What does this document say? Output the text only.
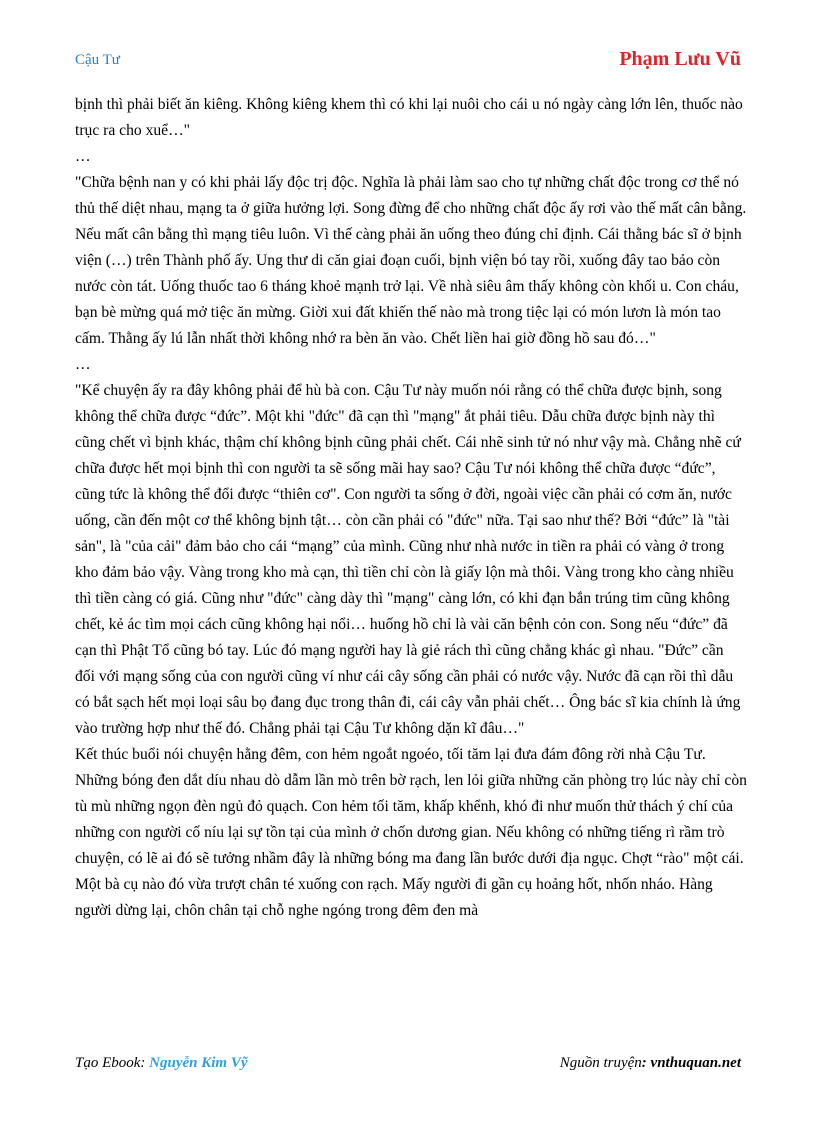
Cậu Tư	Phạm Lưu Vũ

bịnh thì phải biết ăn kiêng. Không kiêng khem thì có khi lại nuôi cho cái u nó ngày càng lớn lên, thuốc nào trục ra cho xuể…"

…

"Chữa bệnh nan y có khi phải lấy độc trị độc. Nghĩa là phải làm sao cho tự những chất độc trong cơ thể nó thủ thế diệt nhau, mạng ta ở giữa hưởng lợi. Song đừng để cho những chất độc ấy rơi vào thế mất cân bằng. Nếu mất cân bằng thì mạng tiêu luôn. Vì thế càng phải ăn uống theo đúng chỉ định. Cái thằng bác sĩ ở bịnh viện (…) trên Thành phố ấy. Ung thư di căn giai đoạn cuối, bịnh viện bó tay rồi, xuống đây tao bảo còn nước còn tát. Uống thuốc tao 6 tháng khoẻ mạnh trở lại. Về nhà siêu âm thấy không còn khối u. Con cháu, bạn bè mừng quá mở tiệc ăn mừng. Giời xui đất khiến thế nào mà trong tiệc lại có món lươn là món tao cấm. Thằng ấy lú lẫn nhất thời không nhớ ra bèn ăn vào. Chết liền hai giờ đồng hồ sau đó…"

…

"Kể chuyện ấy ra đây không phải để hù bà con. Cậu Tư này muốn nói rằng có thể chữa được bịnh, song không thể chữa được “đức”. Một khi "đức" đã cạn thì "mạng" ắt phải tiêu. Dẫu chữa được bịnh này thì cũng chết vì bịnh khác, thậm chí không bịnh cũng phải chết. Cái nhẽ sinh tử nó như vậy mà. Chẳng nhẽ cứ chữa được hết mọi bịnh thì con người ta sẽ sống mãi hay sao? Cậu Tư nói không thể chữa được “đức”, cũng tức là không thể đổi được “thiên cơ". Con người ta sống ở đời, ngoài việc cần phải có cơm ăn, nước uống, cần đến một cơ thể không bịnh tật… còn cần phải có "đức" nữa. Tại sao như thế? Bởi “đức” là "tài sản", là "của cải" đảm bảo cho cái “mạng” của mình. Cũng như nhà nước in tiền ra phải có vàng ở trong kho đảm bảo vậy. Vàng trong kho mà cạn, thì tiền chỉ còn là giấy lộn mà thôi. Vàng trong kho càng nhiều thì tiền càng có giá. Cũng như "đức" càng dày thì "mạng" càng lớn, có khi đạn bắn trúng tim cũng không chết, kẻ ác tìm mọi cách cũng không hại nổi… huống hồ chỉ là vài căn bệnh cỏn con. Song nếu “đức” đã cạn thì Phật Tổ cũng bó tay. Lúc đó mạng người hay là giẻ rách thì cũng chẳng khác gì nhau. "Đức” cần đối với mạng sống của con người cũng ví như cái cây sống cần phải có nước vậy. Nước đã cạn rồi thì dẫu có bắt sạch hết mọi loại sâu bọ đang đục trong thân đi, cái cây vẫn phải chết… Ông bác sĩ kia chính là ứng vào trường hợp như thế đó. Chẳng phải tại Cậu Tư không dặn kĩ đâu…"

Kết thúc buổi nói chuyện hằng đêm, con hẻm ngoắt ngoéo, tối tăm lại đưa đám đông rời nhà Cậu Tư. Những bóng đen dắt díu nhau dò dẫm lần mò trên bờ rạch, len lỏi giữa những căn phòng trọ lúc này chỉ còn tù mù những ngọn đèn ngủ đỏ quạch. Con hẻm tối tăm, khấp khểnh, khó đi như muốn thử thách ý chí của những con người cố níu lại sự tồn tại của mình ở chốn dương gian. Nếu không có những tiếng rì rầm trò chuyện, có lẽ ai đó sẽ tưởng nhầm đây là những bóng ma đang lần bước dưới địa ngục. Chợt “rào" một cái. Một bà cụ nào đó vừa trượt chân té xuống con rạch. Mấy người đi gần cụ hoảng hốt, nhốn nháo. Hàng người dừng lại, chôn chân tại chỗ nghe ngóng trong đêm đen mà

Tạo Ebook: Nguyễn Kim Vỹ	Nguồn truyện: vnthuquan.net
